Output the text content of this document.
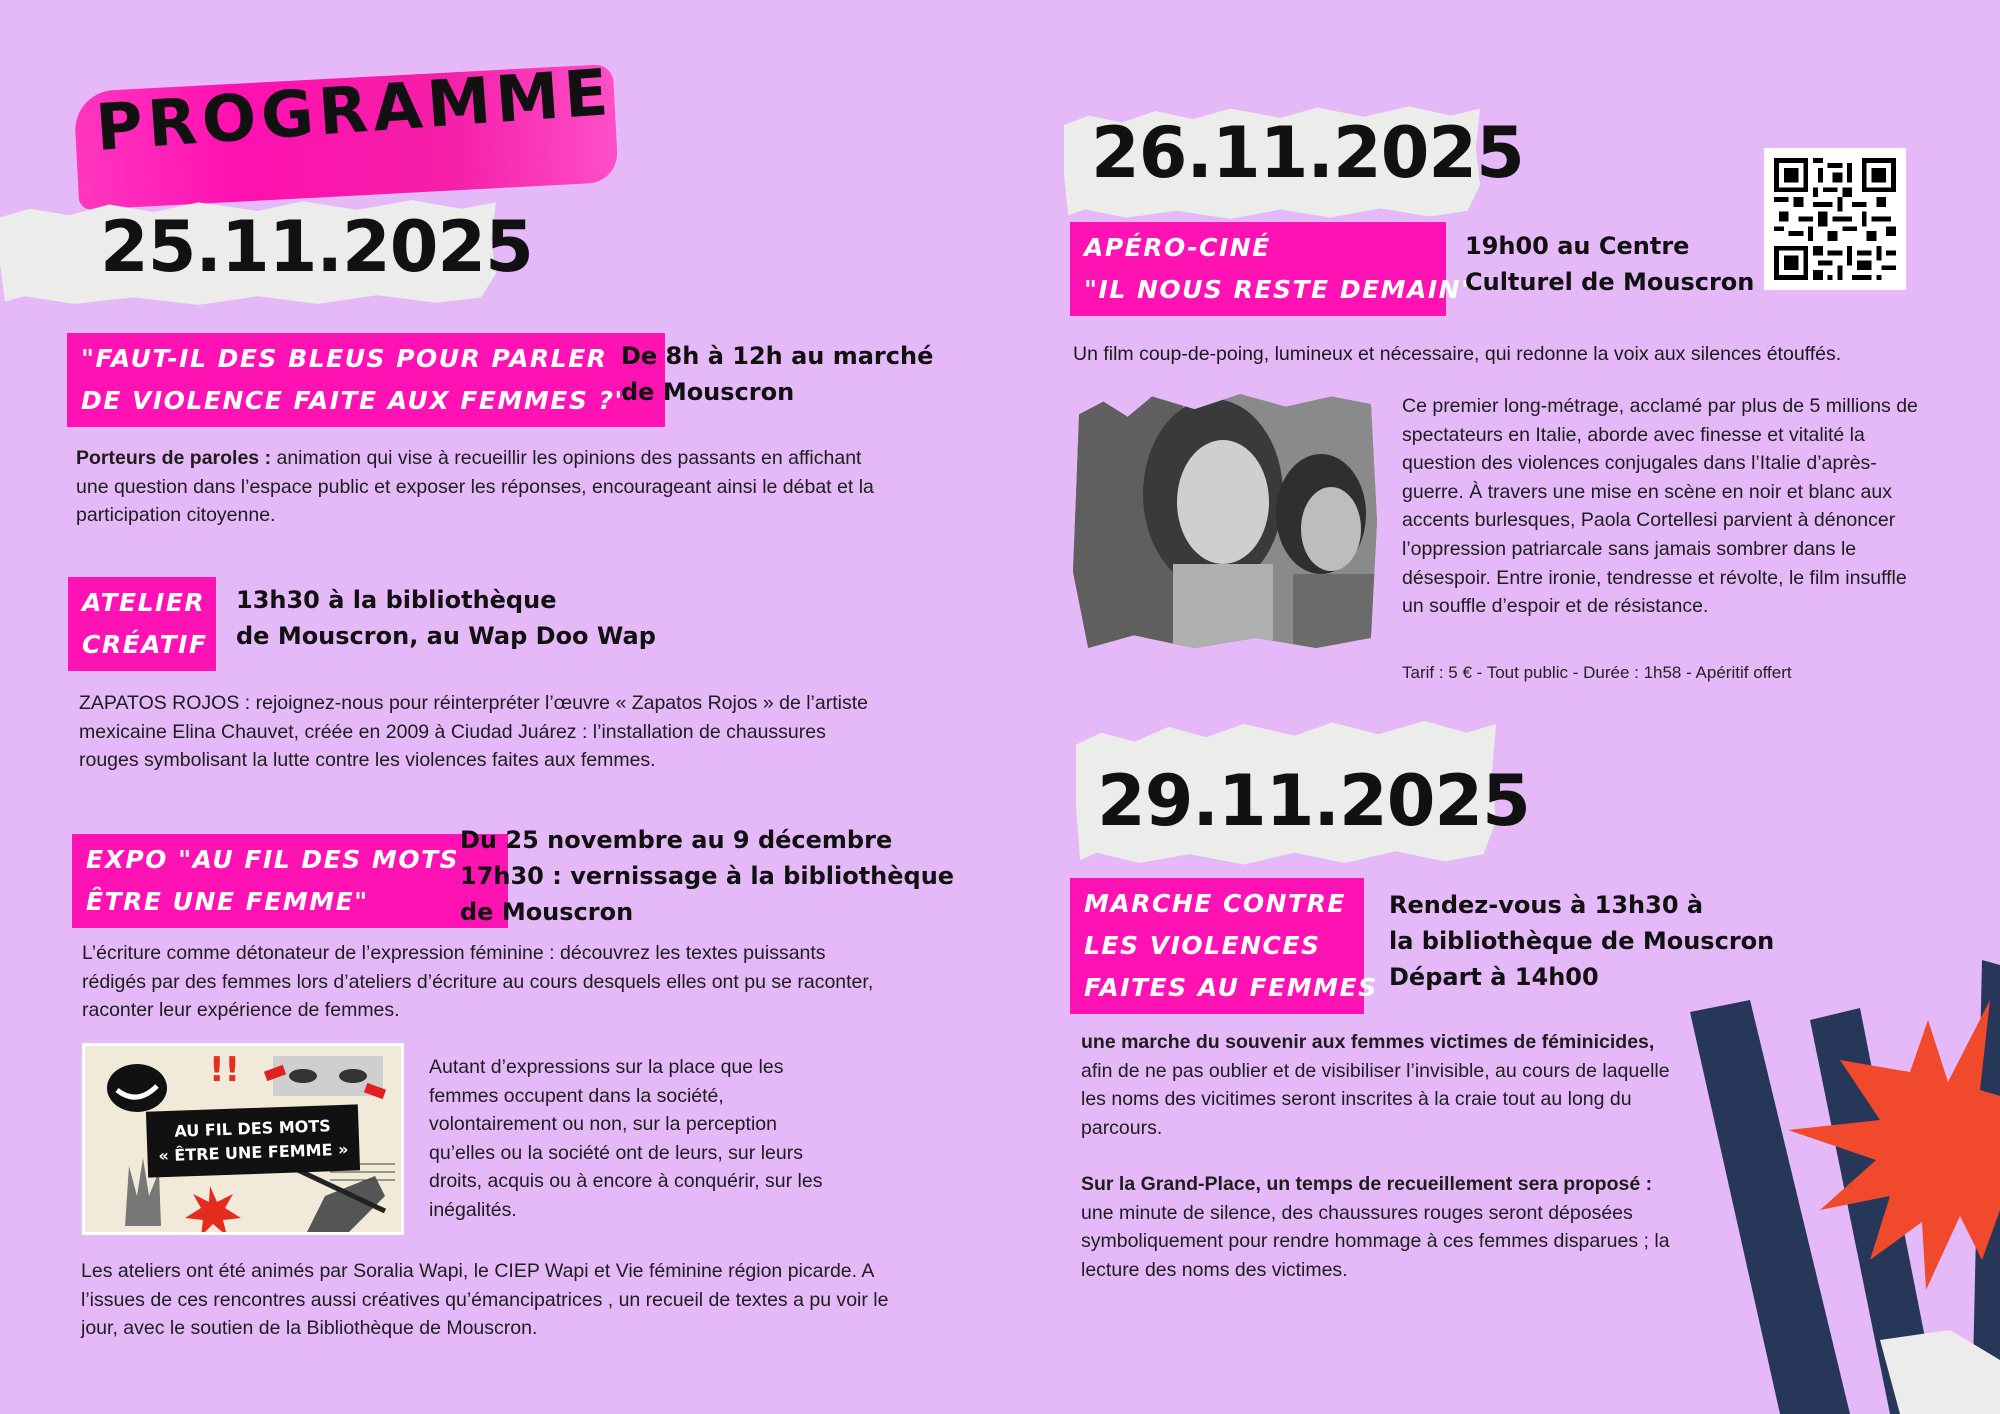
PROGRAMME
25.11.2025
"FAUT-IL DES BLEUS POUR PARLER
DE VIOLENCE FAITE AUX FEMMES ?"
De 8h à 12h au marché
de Mouscron
Porteurs de paroles : animation qui vise à recueillir les opinions des passants en affichant une question dans l’espace public et exposer les réponses, encourageant ainsi le débat et la participation citoyenne.
ATELIER
CRÉATIF
13h30 à la bibliothèque
de Mouscron, au Wap Doo Wap
ZAPATOS ROJOS : rejoignez-nous pour réinterpréter l’œuvre « Zapatos Rojos » de l’artiste mexicaine Elina Chauvet, créée en 2009 à Ciudad Juárez : l’installation de chaussures rouges symbolisant la lutte contre les violences faites aux femmes.
EXPO "AU FIL DES MOTS
ÊTRE UNE FEMME"
Du 25 novembre au 9 décembre
17h30 : vernissage à la bibliothèque
de Mouscron
L’écriture comme détonateur de l’expression féminine : découvrez les textes puissants rédigés par des femmes lors d’ateliers d’écriture au cours desquels elles ont pu se raconter, raconter leur expérience de femmes.
!!
AU FIL DES MOTS
« ÊTRE UNE FEMME »
Autant d’expressions sur la place que les femmes occupent dans la société, volontairement ou non, sur la perception qu’elles ou la société ont de leurs, sur leurs droits, acquis ou à encore à conquérir, sur les inégalités.
Les ateliers ont été animés par Soralia Wapi, le CIEP Wapi et Vie féminine région picarde. A l’issues de ces rencontres aussi créatives qu’émancipatrices , un recueil de textes a pu voir le jour, avec le soutien de la Bibliothèque de Mouscron.
26.11.2025
APÉRO-CINÉ
"IL NOUS RESTE DEMAIN"
19h00 au Centre
Culturel de Mouscron
Un film coup-de-poing, lumineux et nécessaire, qui redonne la voix aux silences étouffés.
Ce premier long-métrage, acclamé par plus de 5 millions de spectateurs en Italie, aborde avec finesse et vitalité la question des violences conjugales dans l’Italie d’après-guerre. À travers une mise en scène en noir et blanc aux accents burlesques, Paola Cortellesi parvient à dénoncer l’oppression patriarcale sans jamais sombrer dans le désespoir. Entre ironie, tendresse et révolte, le film insuffle un souffle d’espoir et de résistance.
Tarif : 5 € - Tout public - Durée : 1h58 - Apéritif offert
29.11.2025
MARCHE CONTRE
LES VIOLENCES
FAITES AU FEMMES
Rendez-vous à 13h30 à
la bibliothèque de Mouscron
Départ à 14h00
une marche du souvenir aux femmes victimes de féminicides, afin de ne pas oublier et de visibiliser l’invisible, au cours de laquelle les noms des vicitimes seront inscrites à la craie tout au long du parcours.
Sur la Grand-Place, un temps de recueillement sera proposé : une minute de silence, des chaussures rouges seront déposées symboliquement pour rendre hommage à ces femmes disparues ; la lecture des noms des victimes.
